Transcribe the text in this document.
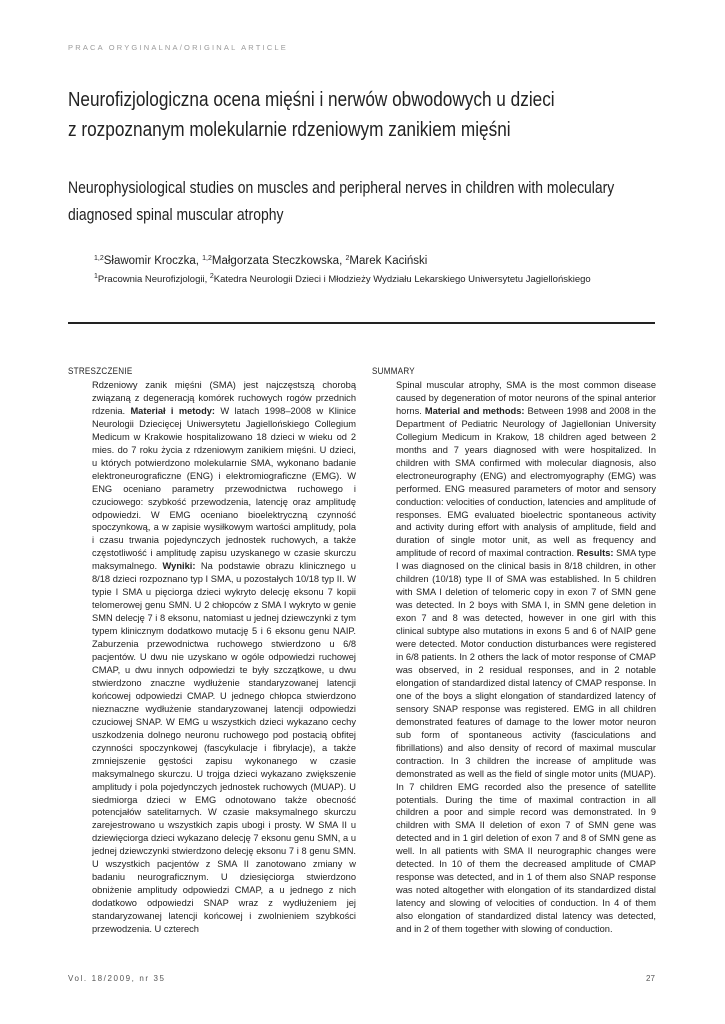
PRACA ORYGINALNA/ORIGINAL ARTICLE
Neurofizjologiczna ocena mięśni i nerwów obwodowych u dzieci
z rozpoznanym molekularnie rdzeniowym zanikiem mięśni
Neurophysiological studies on muscles and peripheral nerves in children with moleculary
diagnosed spinal muscular atrophy
$^{1,2}$Sławomir Kroczka, $^{1,2}$Małgorzata Steczkowska, $^2$Marek Kaciński
$^1$Pracownia Neurofizjologii, $^2$Katedra Neurologii Dzieci i Młodzieży Wydziału Lekarskiego Uniwersytetu Jagiellońskiego
STRESZCZENIE	SUMMARY

Rdzeniowy zanik mięśni (SMA) jest najczęstszą chorobą związaną z degeneracją komórek ruchowych rogów przednich rdzenia. Materiał i metody: W latach 1998–2008 w Klinice Neurologii Dziecięcej Uniwersytetu Jagiellońskiego Collegium Medicum w Krakowie hospitalizowano 18 dzieci w wieku od 2 mies. do 7 roku życia z rdzeniowym zanikiem mięśni. U dzieci, u których potwierdzono molekularnie SMA, wykonano badanie elektroneurograficzne (ENG) i elektromiograficzne (EMG). W ENG oceniano parametry przewodnictwa ruchowego i czuciowego: szybkość przewodzenia, latencję oraz amplitudę odpowiedzi. W EMG oceniano bioelektryczną czynność spoczynkową, a w zapisie wysiłkowym wartości amplitudy, pola i czasu trwania pojedynczych jednostek ruchowych, a także częstotliwość i amplitudę zapisu uzyskanego w czasie skurczu maksymalnego. Wyniki: Na podstawie obrazu klinicznego u 8/18 dzieci rozpoznano typ I SMA, u pozostałych 10/18 typ II. W typie I SMA u pięciorga dzieci wykryto delecję eksonu 7 kopii telomerowej genu SMN. U 2 chłopców z SMA I wykryto w genie SMN delecję 7 i 8 eksonu, natomiast u jednej dziewczynki z tym typem klinicznym dodatkowo mutację 5 i 6 eksonu genu NAIP. Zaburzenia przewodnictwa ruchowego stwierdzono u 6/8 pacjentów. U dwu nie uzyskano w ogóle odpowiedzi ruchowej CMAP, u dwu innych odpowiedzi te były szczątkowe, u dwu stwierdzono znaczne wydłużenie standaryzowanej latencji końcowej odpowiedzi CMAP. U jednego chłopca stwierdzono nieznaczne wydłużenie standaryzowanej latencji odpowiedzi czuciowej SNAP. W EMG u wszystkich dzieci wykazano cechy uszkodzenia dolnego neuronu ruchowego pod postacią obfitej czynności spoczynkowej (fascykulacje i fibrylacje), a także zmniejszenie gęstości zapisu wykonanego w czasie maksymalnego skurczu. U trojga dzieci wykazano zwiększenie amplitudy i pola pojedynczych jednostek ruchowych (MUAP). U siedmiorga dzieci w EMG odnotowano także obecność potencjałów satelitarnych. W czasie maksymalnego skurczu zarejestrowano u wszystkich zapis ubogi i prosty. W SMA II u dziewięciorga dzieci wykazano delecję 7 eksonu genu SMN, a u jednej dziewczynki stwierdzono delecję eksonu 7 i 8 genu SMN. U wszystkich pacjentów z SMA II zanotowano zmiany w badaniu neurograficznym. U dziesięciorga stwierdzono obniżenie amplitudy odpowiedzi CMAP, a u jednego z nich dodatkowo odpowiedzi SNAP wraz z wydłużeniem jej standaryzowanej latencji końcowej i zwolnieniem szybkości przewodzenia. U czterech

Spinal muscular atrophy, SMA is the most common disease caused by degeneration of motor neurons of the spinal anterior horns. Material and methods: Between 1998 and 2008 in the Department of Pediatric Neurology of Jagiellonian University Collegium Medicum in Krakow, 18 children aged between 2 months and 7 years diagnosed with were hospitalized. In children with SMA confirmed with molecular diagnosis, also electroneurography (ENG) and electromyography (EMG) was performed. ENG measured parameters of motor and sensory conduction: velocities of conduction, latencies and amplitude of responses. EMG evaluated bioelectric spontaneous activity and activity during effort with analysis of amplitude, field and duration of single motor unit, as well as frequency and amplitude of record of maximal contraction. Results: SMA type I was diagnosed on the clinical basis in 8/18 children, in other children (10/18) type II of SMA was established. In 5 children with SMA I deletion of telomeric copy in exon 7 of SMN gene was detected. In 2 boys with SMA I, in SMN gene deletion in exon 7 and 8 was detected, however in one girl with this clinical subtype also mutations in exons 5 and 6 of NAIP gene were detected. Motor conduction disturbances were registered in 6/8 patients. In 2 others the lack of motor response of CMAP was observed, in 2 residual responses, and in 2 notable elongation of standardized distal latency of CMAP response. In one of the boys a slight elongation of standardized latency of sensory SNAP response was registered. EMG in all children demonstrated features of damage to the lower motor neuron sub form of spontaneous activity (fasciculations and fibrillations) and also density of record of maximal muscular contraction. In 3 children the increase of amplitude was demonstrated as well as the field of single motor units (MUAP). In 7 children EMG recorded also the presence of satellite potentials. During the time of maximal contraction in all children a poor and simple record was demonstrated. In 9 children with SMA II deletion of exon 7 of SMN gene was detected and in 1 girl deletion of exon 7 and 8 of SMN gene as well. In all patients with SMA II neurographic changes were detected. In 10 of them the decreased amplitude of CMAP response was detected, and in 1 of them also SNAP response was noted altogether with elongation of its standardized distal latency and slowing of velocities of conduction. In 4 of them also elongation of standardized distal latency was detected, and in 2 of them together with slowing of conduction.

Vol. 18/2009, nr 35	27
